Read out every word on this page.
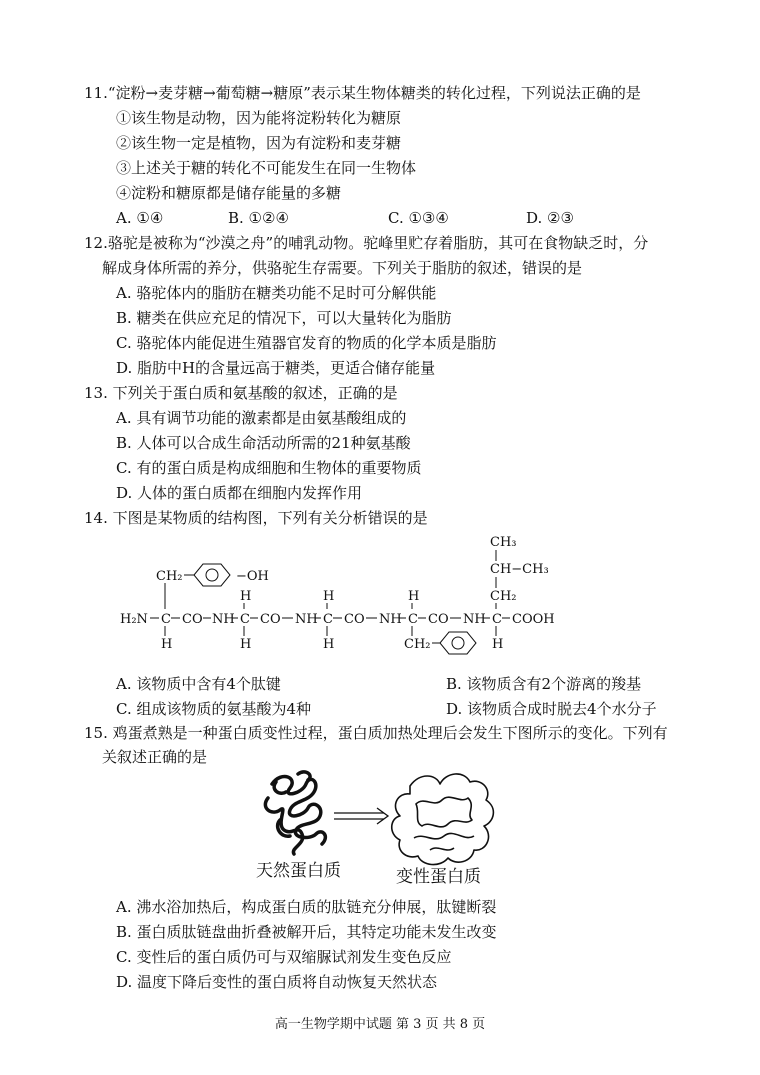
11.“淀粉→麦芽糖→葡萄糖→糖原”表示某生物体糖类的转化过程，下列说法正确的是
①该生物是动物，因为能将淀粉转化为糖原
②该生物一定是植物，因为有淀粉和麦芽糖
③上述关于糖的转化不可能发生在同一生物体
④淀粉和糖原都是储存能量的多糖
A. ①④	B. ①②④	C. ①③④	D. ②③
12.骆驼是被称为“沙漠之舟”的哺乳动物。驼峰里贮存着脂肪，其可在食物缺乏时，分
解成身体所需的养分，供骆驼生存需要。下列关于脂肪的叙述，错误的是
A. 骆驼体内的脂肪在糖类功能不足时可分解供能
B. 糖类在供应充足的情况下，可以大量转化为脂肪
C. 骆驼体内能促进生殖器官发育的物质的化学本质是脂肪
D. 脂肪中H的含量远高于糖类，更适合储存能量
13. 下列关于蛋白质和氨基酸的叙述，正确的是
A. 具有调节功能的激素都是由氨基酸组成的
B. 人体可以合成生命活动所需的21种氨基酸
C. 有的蛋白质是构成细胞和生物体的重要物质
D. 人体的蛋白质都在细胞内发挥作用
14. 下图是某物质的结构图，下列有关分析错误的是
CH₃
CH−CH₃
CH₂
CH₂	−OH
H	H	H
H₂N C CO NH C CO NH C CO NH C CO NH C COOH
H	H	H	H
CH₂
A. 该物质中含有4个肽键	B. 该物质含有2个游离的羧基
C. 组成该物质的氨基酸为4种	D. 该物质合成时脱去4个水分子
15. 鸡蛋煮熟是一种蛋白质变性过程，蛋白质加热处理后会发生下图所示的变化。下列有
关叙述正确的是
天然蛋白质	变性蛋白质
A. 沸水浴加热后，构成蛋白质的肽链充分伸展，肽键断裂
B. 蛋白质肽链盘曲折叠被解开后，其特定功能未发生改变
C. 变性后的蛋白质仍可与双缩脲试剂发生变色反应
D. 温度下降后变性的蛋白质将自动恢复天然状态
高一生物学期中试题 第 3 页 共 8 页
